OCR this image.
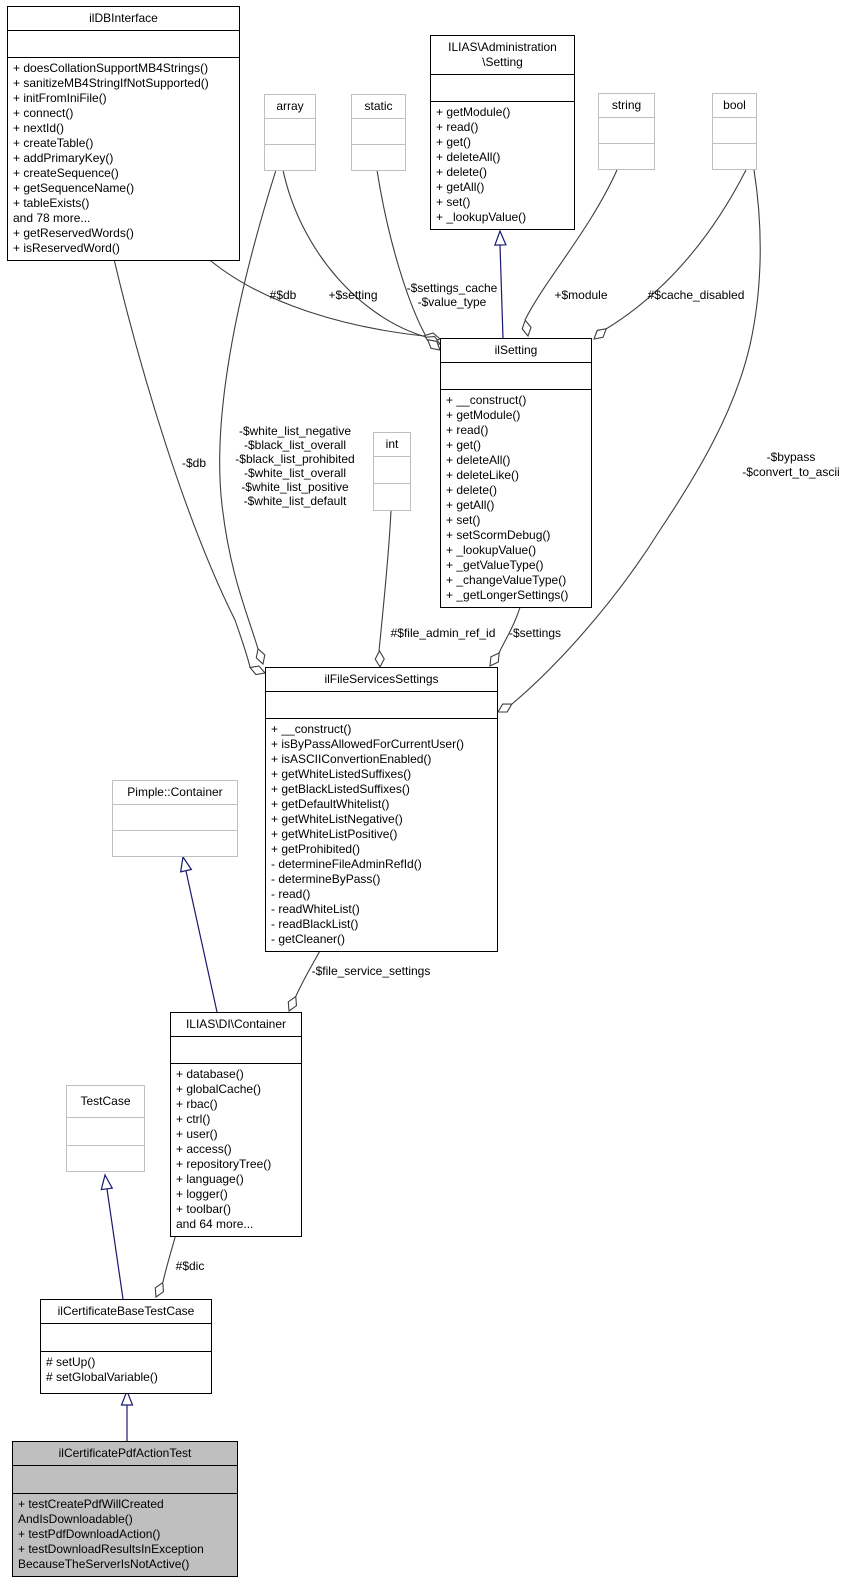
ilDBInterface
+ doesCollationSupportMB4Strings()
+ sanitizeMB4StringIfNotSupported()
+ initFromIniFile()
+ connect()
+ nextId()
+ createTable()
+ addPrimaryKey()
+ createSequence()
+ getSequenceName()
+ tableExists()
and 78 more...
+ getReservedWords()
+ isReservedWord()
ILIAS\Administration
\Setting
+ getModule()
+ read()
+ get()
+ deleteAll()
+ delete()
+ getAll()
+ set()
+ _lookupValue()
array	static	string	bool
ilSetting
+ __construct()
+ getModule()
+ read()
+ get()
+ deleteAll()
+ deleteLike()
+ delete()
+ getAll()
+ set()
+ setScormDebug()
+ _lookupValue()
+ _getValueType()
+ _changeValueType()
+ _getLongerSettings()
int
ilFileServicesSettings
+ __construct()
+ isByPassAllowedForCurrentUser()
+ isASCIIConvertionEnabled()
+ getWhiteListedSuffixes()
+ getBlackListedSuffixes()
+ getDefaultWhitelist()
+ getWhiteListNegative()
+ getWhiteListPositive()
+ getProhibited()
- determineFileAdminRefId()
- determineByPass()
- read()
- readWhiteList()
- readBlackList()
- getCleaner()
Pimple::Container
ILIAS\DI\Container
+ database()
+ globalCache()
+ rbac()
+ ctrl()
+ user()
+ access()
+ repositoryTree()
+ language()
+ logger()
+ toolbar()
and 64 more...
TestCase
ilCertificateBaseTestCase
# setUp()
# setGlobalVariable()
ilCertificatePdfActionTest
+ testCreatePdfWillCreated
AndIsDownloadable()
+ testPdfDownloadAction()
+ testDownloadResultsInException
BecauseTheServerIsNotActive()
#$db	+$setting	-$settings_cache
-$value_type	+$module	#$cache_disabled
-$db
-$white_list_negative
-$black_list_overall
-$black_list_prohibited
-$white_list_overall
-$white_list_positive
-$white_list_default
-$bypass
-$convert_to_ascii
#$file_admin_ref_id	-$settings
-$file_service_settings
#$dic
